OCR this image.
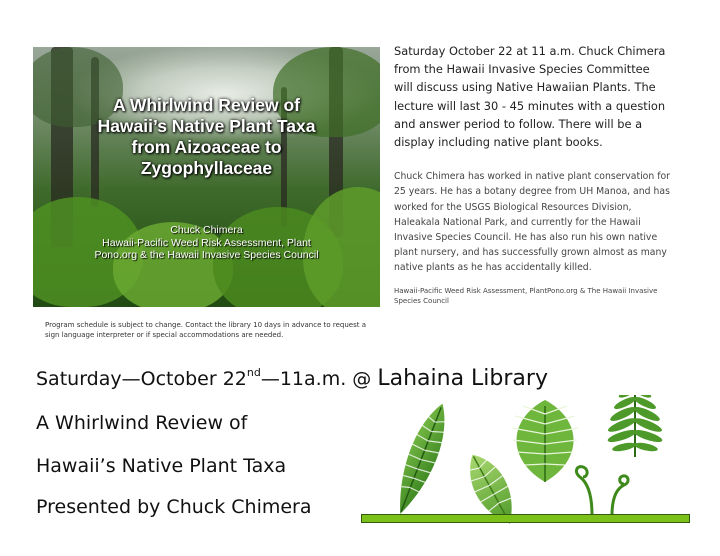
A Whirlwind Review of
Hawaii’s Native Plant Taxa
from Aizoaceae to
Zygophyllaceae
Chuck Chimera
Hawaii-Pacific Weed Risk Assessment, Plant
Pono.org & the Hawaii Invasive Species Council
Program schedule is subject to change. Contact the library 10 days in advance to request a sign language interpreter or if special accommodations are needed.

Saturday October 22 at 11 a.m. Chuck Chimera from the Hawaii Invasive Species Committee will discuss using Native Hawaiian Plants. The lecture will last 30 - 45 minutes with a question and answer period to follow. There will be a display including native plant books.

Chuck Chimera has worked in native plant conservation for 25 years. He has a botany degree from UH Manoa, and has worked for the USGS Biological Resources Division, Haleakala National Park, and currently for the Hawaii Invasive Species Council. He has also run his own native plant nursery, and has successfully grown almost as many native plants as he has accidentally killed.

Hawaii-Pacific Weed Risk Assessment, PlantPono.org & The Hawaii Invasive Species Council

Saturday—October 22nd—11a.m. @ Lahaina Library
A Whirlwind Review of
Hawaii’s Native Plant Taxa
Presented by Chuck Chimera
